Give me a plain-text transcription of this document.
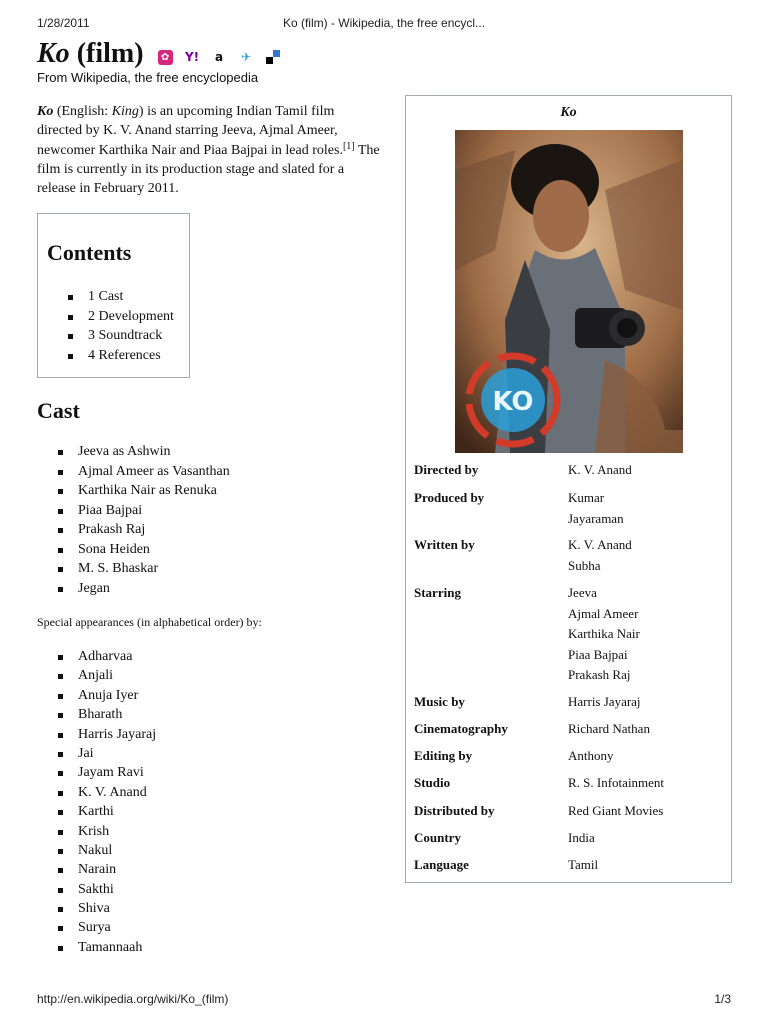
1/28/2011	Ko (film) - Wikipedia, the free encycl...
Ko (film)	✿ Y! a ✈
From Wikipedia, the free encyclopedia

Ko (English: King) is an upcoming Indian Tamil film directed by K. V. Anand starring Jeeva, Ajmal Ameer, newcomer Karthika Nair and Piaa Bajpai in lead roles.[1] The film is currently in its production stage and slated for a release in February 2011.

Contents
1 Cast
2 Development
3 Soundtrack
4 References
Cast
Jeeva as Ashwin
Ajmal Ameer as Vasanthan
Karthika Nair as Renuka
Piaa Bajpai
Prakash Raj
Sona Heiden
M. S. Bhaskar
Jegan
Special appearances (in alphabetical order) by:
Adharvaa
Anjali
Anuja Iyer
Bharath
Harris Jayaraj
Jai
Jayam Ravi
K. V. Anand
Karthi
Krish
Nakul
Narain
Sakthi
Shiva
Surya
Tamannaah
Ko
KO
Directed by	K. V. Anand
Produced by	Kumar
Jayaraman
Written by	K. V. Anand
Subha
Starring	Jeeva
Ajmal Ameer
Karthika Nair
Piaa Bajpai
Prakash Raj
Music by	Harris Jayaraj
Cinematography	Richard Nathan
Editing by	Anthony
Studio	R. S. Infotainment
Distributed by	Red Giant Movies
Country	India
Language	Tamil
http://en.wikipedia.org/wiki/Ko_(film)	1/3
